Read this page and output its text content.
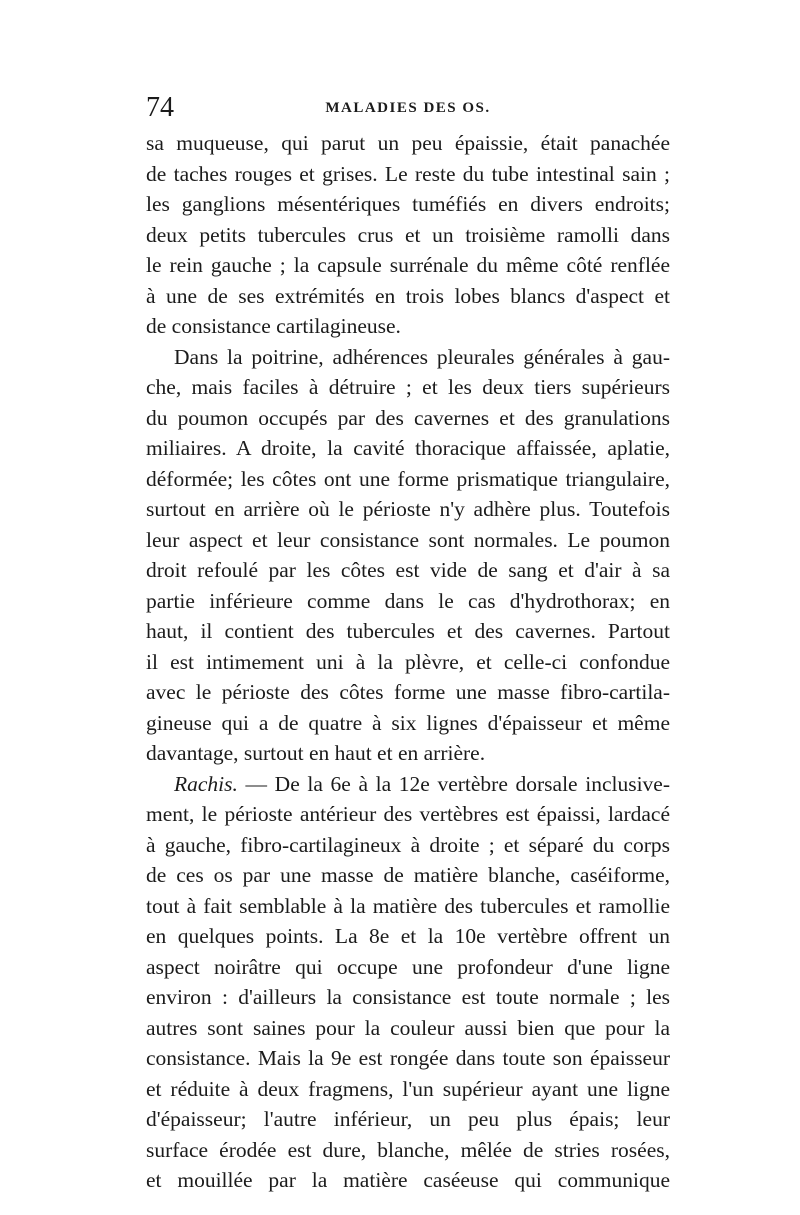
74	MALADIES DES OS.
sa muqueuse, qui parut un peu épaissie, était panachée
de taches rouges et grises. Le reste du tube intestinal sain ;
les ganglions mésentériques tuméfiés en divers endroits;
deux petits tubercules crus et un troisième ramolli dans
le rein gauche ; la capsule surrénale du même côté renflée
à une de ses extrémités en trois lobes blancs d'aspect et
de consistance cartilagineuse.
Dans la poitrine, adhérences pleurales générales à gau-
che, mais faciles à détruire ; et les deux tiers supérieurs
du poumon occupés par des cavernes et des granulations
miliaires. A droite, la cavité thoracique affaissée, aplatie,
déformée; les côtes ont une forme prismatique triangulaire,
surtout en arrière où le périoste n'y adhère plus. Toutefois
leur aspect et leur consistance sont normales. Le poumon
droit refoulé par les côtes est vide de sang et d'air à sa
partie inférieure comme dans le cas d'hydrothorax; en
haut, il contient des tubercules et des cavernes. Partout
il est intimement uni à la plèvre, et celle-ci confondue
avec le périoste des côtes forme une masse fibro-cartila-
gineuse qui a de quatre à six lignes d'épaisseur et même
davantage, surtout en haut et en arrière.
Rachis. — De la 6e à la 12e vertèbre dorsale inclusive-
ment, le périoste antérieur des vertèbres est épaissi, lardacé
à gauche, fibro-cartilagineux à droite ; et séparé du corps
de ces os par une masse de matière blanche, caséiforme,
tout à fait semblable à la matière des tubercules et ramollie
en quelques points. La 8e et la 10e vertèbre offrent un
aspect noirâtre qui occupe une profondeur d'une ligne
environ : d'ailleurs la consistance est toute normale ; les
autres sont saines pour la couleur aussi bien que pour la
consistance. Mais la 9e est rongée dans toute son épaisseur
et réduite à deux fragmens, l'un supérieur ayant une ligne
d'épaisseur; l'autre inférieur, un peu plus épais; leur
surface érodée est dure, blanche, mêlée de stries rosées,
et mouillée par la matière caséeuse qui communique
